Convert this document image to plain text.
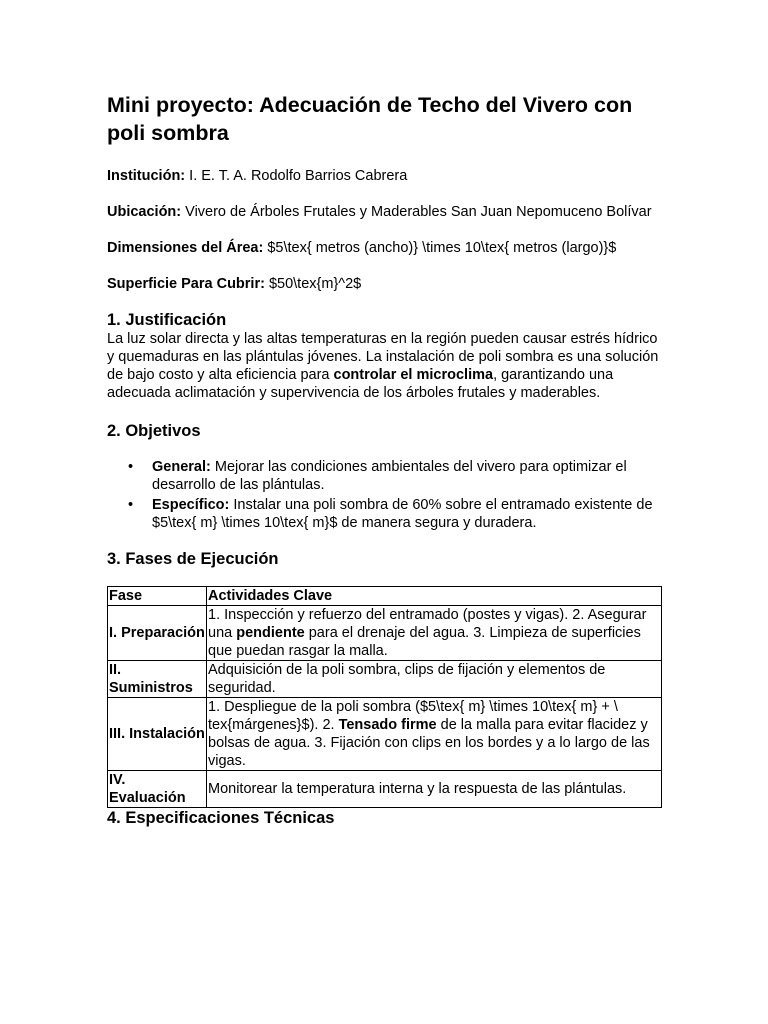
Mini proyecto: Adecuación de Techo del Vivero con poli sombra

Institución: I. E. T. A. Rodolfo Barrios Cabrera

Ubicación: Vivero de Árboles Frutales y Maderables San Juan Nepomuceno Bolívar

Dimensiones del Área: $5\tex{ metros (ancho)} \times 10\tex{ metros (largo)}$

Superficie Para Cubrir: $50\tex{m}^2$

1. Justificación

La luz solar directa y las altas temperaturas en la región pueden causar estrés hídrico y quemaduras en las plántulas jóvenes. La instalación de poli sombra es una solución de bajo costo y alta eficiencia para controlar el microclima, garantizando una adecuada aclimatación y supervivencia de los árboles frutales y maderables.

2. Objetivos
• General: Mejorar las condiciones ambientales del vivero para optimizar el desarrollo de las plántulas.
• Específico: Instalar una poli sombra de 60% sobre el entramado existente de $5\tex{ m} \times 10\tex{ m}$ de manera segura y duradera.
3. Fases de Ejecución
Fase	Actividades Clave
I. Preparación	1. Inspección y refuerzo del entramado (postes y vigas). 2. Asegurar una pendiente para el drenaje del agua. 3. Limpieza de superficies que puedan rasgar la malla.
II. Suministros	Adquisición de la poli sombra, clips de fijación y elementos de seguridad.
III. Instalación	1. Despliegue de la poli sombra ($5\tex{ m} \times 10\tex{ m} + \ tex{márgenes}$). 2. Tensado firme de la malla para evitar flacidez y bolsas de agua. 3. Fijación con clips en los bordes y a lo largo de las vigas.
IV. Evaluación	Monitorear la temperatura interna y la respuesta de las plántulas.
4. Especificaciones Técnicas
